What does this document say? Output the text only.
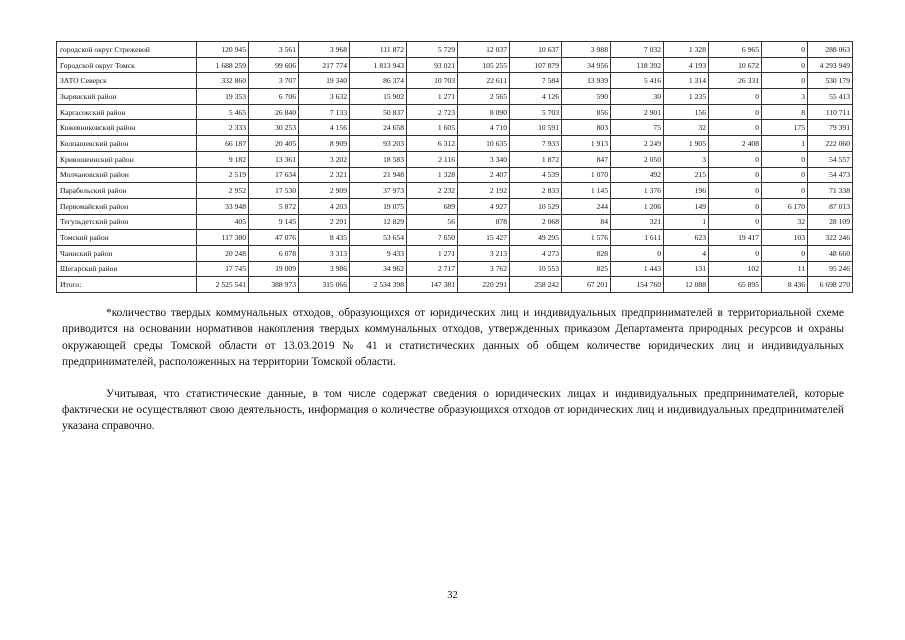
городской округ Стрежевой	120 945	3 561	3 968	111 872	5 729	12 037	10 637	3 988	7 032	1 328	6 965	0	288 063
Городской округ Томск	1 688 259	99 606	217 774	1 813 943	93 021	105 255	107 879	34 956	118 392	4 193	10 672	0	4 293 949
ЗАТО Северск	332 860	3 707	19 340	86 374	10 703	22 611	7 584	13 939	5 416	1 314	26 331	0	530 179
Зырянский район	19 353	6 706	3 632	15 902	1 271	2 565	4 126	590	30	1 235	0	3	55 413
Каргасокский район	5 465	26 840	7 133	50 837	2 723	8 090	5 703	856	2 901	156	0	8	110 711
Кожевниковский район	2 333	30 253	4 156	24 658	1 605	4 710	10 591	803	75	32	0	175	79 391
Колпашевский район	66 187	20 405	8 909	93 203	6 312	10 635	7 933	1 913	2 249	1 905	2 408	1	222 060
Кривошеинский район	9 182	13 361	3 202	18 583	2 116	3 340	1 872	847	2 050	3	0	0	54 557
Молчановский район	2 519	17 634	2 321	21 948	1 328	2 407	4 539	1 070	492	215	0	0	54 473
Парабельский район	2 952	17 530	2 909	37 973	2 232	2 192	2 833	1 145	1 376	196	0	0	71 338
Первомайский район	33 948	5 872	4 203	19 075	689	4 927	10 529	244	1 206	149	0	6 170	87 013
Тегульдетский район	405	9 145	2 291	12 829	56	878	2 068	84	321	1	0	32	28 109
Томский район	117 380	47 076	8 435	53 654	7 650	15 427	49 295	1 576	1 611	623	19 417	103	322 246
Чаинский район	20 248	6 078	3 313	9 433	1 271	3 213	4 273	828	0	4	0	0	48 660
Шегарский район	17 745	19 009	3 986	34 962	2 717	3 762	10 553	825	1 443	131	102	11	95 246
Итого:	2 525 541	388 973	315 066	2 534 398	147 381	220 291	258 242	67 201	154 760	12 088	65 895	8 436	6 698 270

*количество твердых коммунальных отходов, образующихся от юридических лиц и индивидуальных предпринимателей в территориальной схеме приводится на основании нормативов накопления твердых коммунальных отходов, утвержденных приказом Департамента природных ресурсов и охраны окружающей среды Томской области от 13.03.2019 № 41 и статистических данных об общем количестве юридических лиц и индивидуальных предпринимателей, расположенных на территории Томской области.

Учитывая, что статистические данные, в том числе содержат сведения о юридических лицах и индивидуальных предпринимателей, которые фактически не осуществляют свою деятельность, информация о количестве образующихся отходов от юридических лиц и индивидуальных предпринимателей указана справочно.

32
